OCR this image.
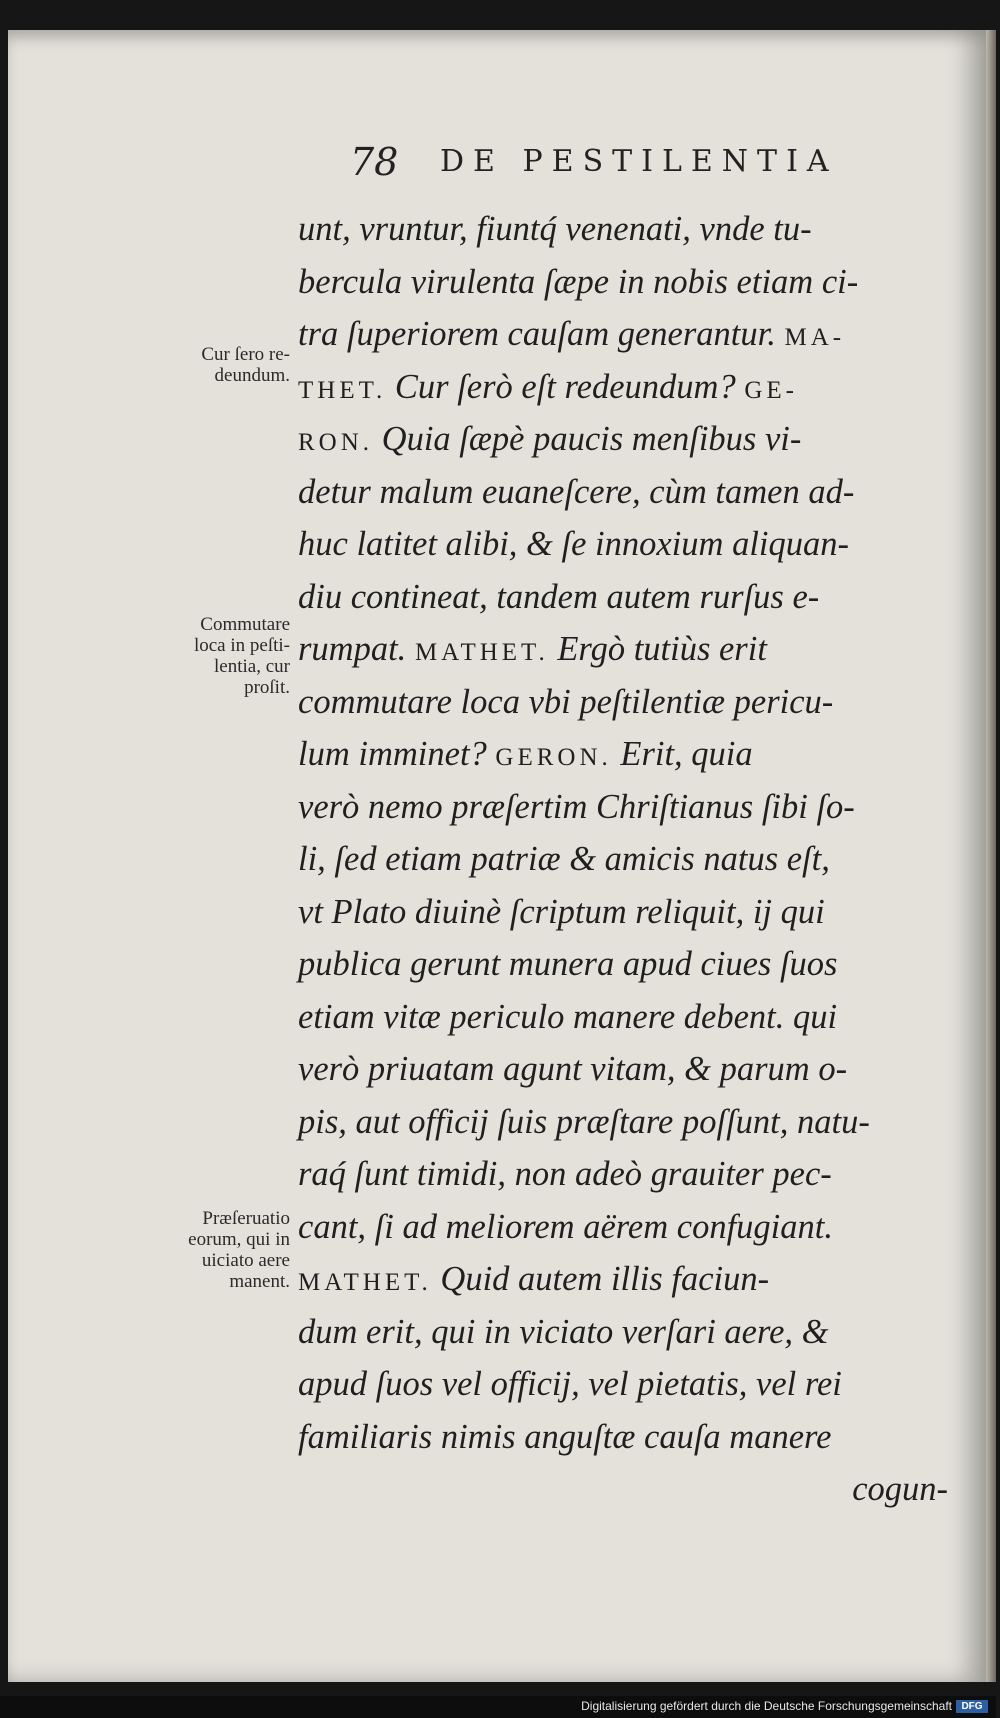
78 DE PESTILENTIA
Cur ſero re-
deundum.
Commutare
loca in peſti-
lentia, cur
proſit.
Præſeruatio
eorum, qui in
uiciato aere
manent.
unt, vruntur, fiuntq́ venenati, vnde tu-
bercula virulenta ſæpe in nobis etiam ci-
tra ſuperiorem cauſam generantur. MA-
THET. Cur ſerò eſt redeundum? GE-
RON. Quia ſæpè paucis menſibus vi-
detur malum euaneſcere, cùm tamen ad-
huc latitet alibi, & ſe innoxium aliquan-
diu contineat, tandem autem rurſus e-
rumpat. MATHET. Ergò tutiùs erit
commutare loca vbi peſtilentiæ pericu-
lum imminet? GERON. Erit, quia
verò nemo præſertim Chriſtianus ſibi ſo-
li, ſed etiam patriæ & amicis natus eſt,
vt Plato diuinè ſcriptum reliquit, ij qui
publica gerunt munera apud ciues ſuos
etiam vitæ periculo manere debent. qui
verò priuatam agunt vitam, & parum o-
pis, aut officij ſuis præſtare poſſunt, natu-
raq́ ſunt timidi, non adeò grauiter pec-
cant, ſi ad meliorem aërem confugiant.
MATHET. Quid autem illis faciun-
dum erit, qui in viciato verſari aere, &
apud ſuos vel officij, vel pietatis, vel rei
familiaris nimis anguſtæ cauſa manere
cogun-
Digitalisierung gefördert durch die Deutsche Forschungsgemeinschaft DFG
